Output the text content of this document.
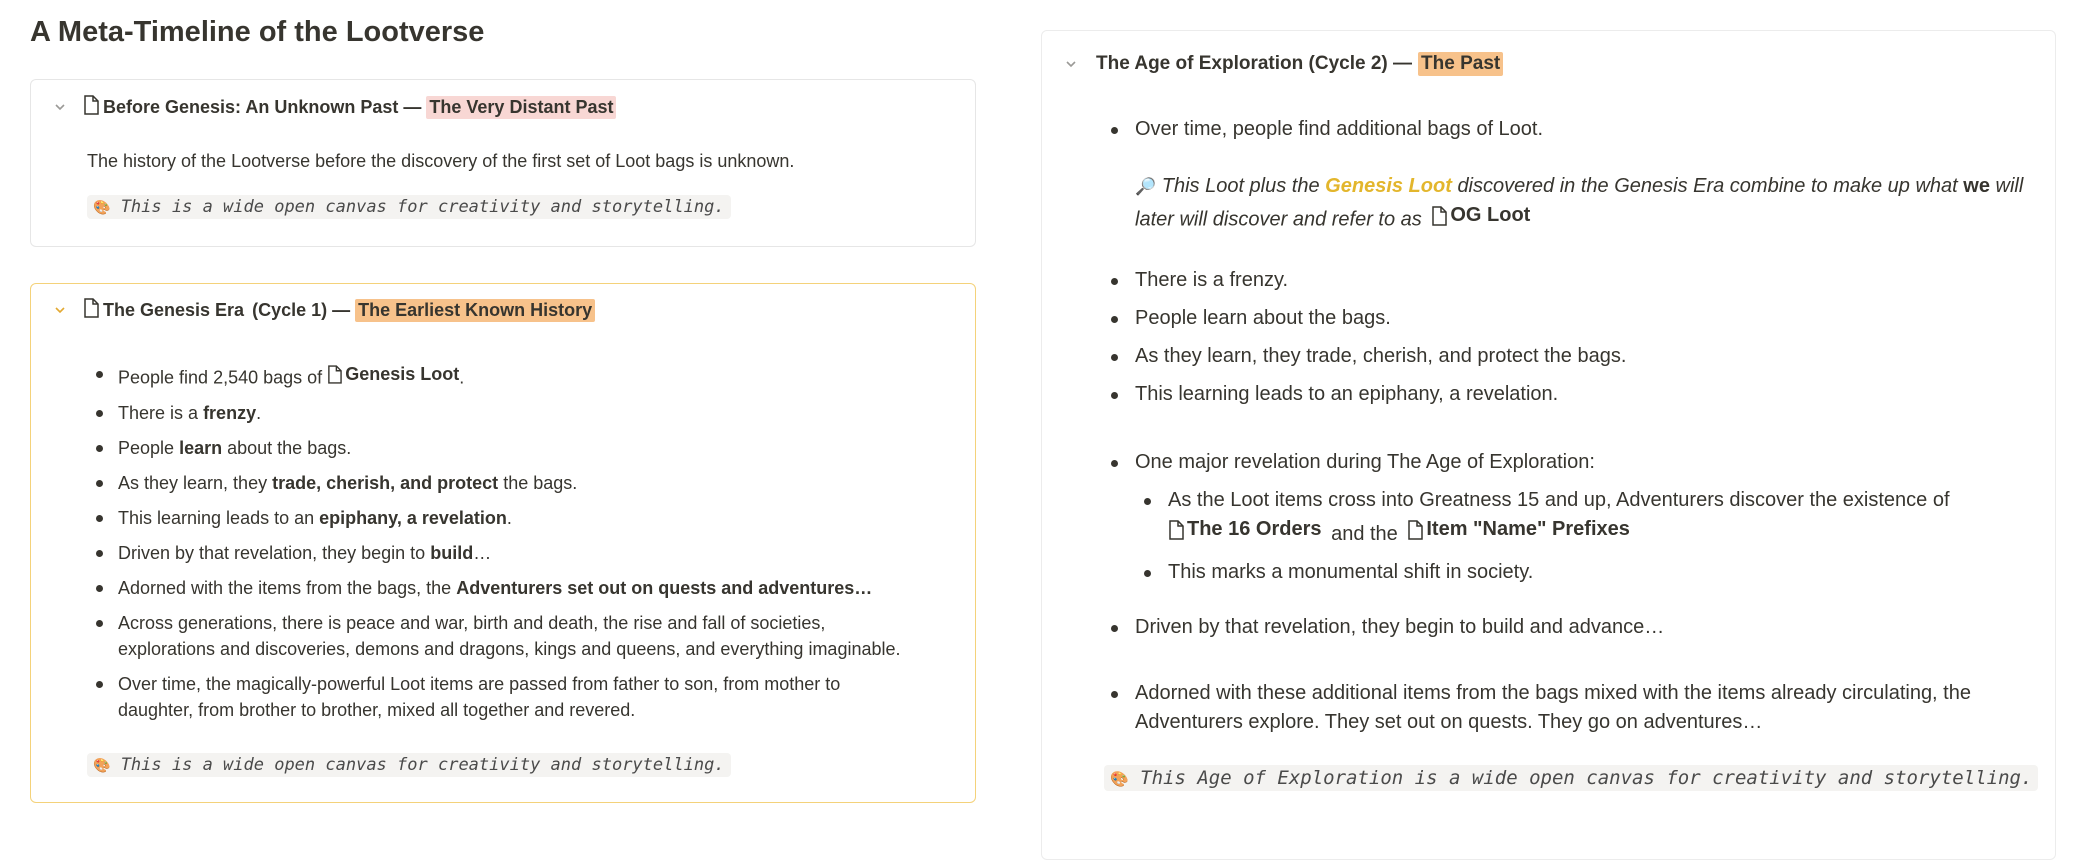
A Meta-Timeline of the Lootverse
Before Genesis: An Unknown Past — The Very Distant Past
The history of the Lootverse before the discovery of the first set of Loot bags is unknown.
🎨 This is a wide open canvas for creativity and storytelling.
The Genesis Era (Cycle 1) — The Earliest Known History
People find 2,540 bags of Genesis Loot .
There is a frenzy.
People learn about the bags.
As they learn, they trade, cherish, and protect the bags.
This learning leads to an epiphany, a revelation.
Driven by that revelation, they begin to build…
Adorned with the items from the bags, the Adventurers set out on quests and adventures…
Across generations, there is peace and war, birth and death, the rise and fall of societies,
explorations and discoveries, demons and dragons, kings and queens, and everything imaginable.
Over time, the magically-powerful Loot items are passed from father to son, from mother to
daughter, from brother to brother, mixed all together and revered.
🎨 This is a wide open canvas for creativity and storytelling.
The Age of Exploration (Cycle 2) — The Past
Over time, people find additional bags of Loot.
🔎 This Loot plus the Genesis Loot discovered in the Genesis Era combine to make up what we will
later will discover and refer to as OG Loot
There is a frenzy.
People learn about the bags.
As they learn, they trade, cherish, and protect the bags.
This learning leads to an epiphany, a revelation.
One major revelation during The Age of Exploration:
As the Loot items cross into Greatness 15 and up, Adventurers discover the existence of

The 16 Orders and the Item "Name" Prefixes
This marks a monumental shift in society.
Driven by that revelation, they begin to build and advance…
Adorned with these additional items from the bags mixed with the items already circulating, the
Adventurers explore. They set out on quests. They go on adventures…
🎨 This Age of Exploration is a wide open canvas for creativity and storytelling.
